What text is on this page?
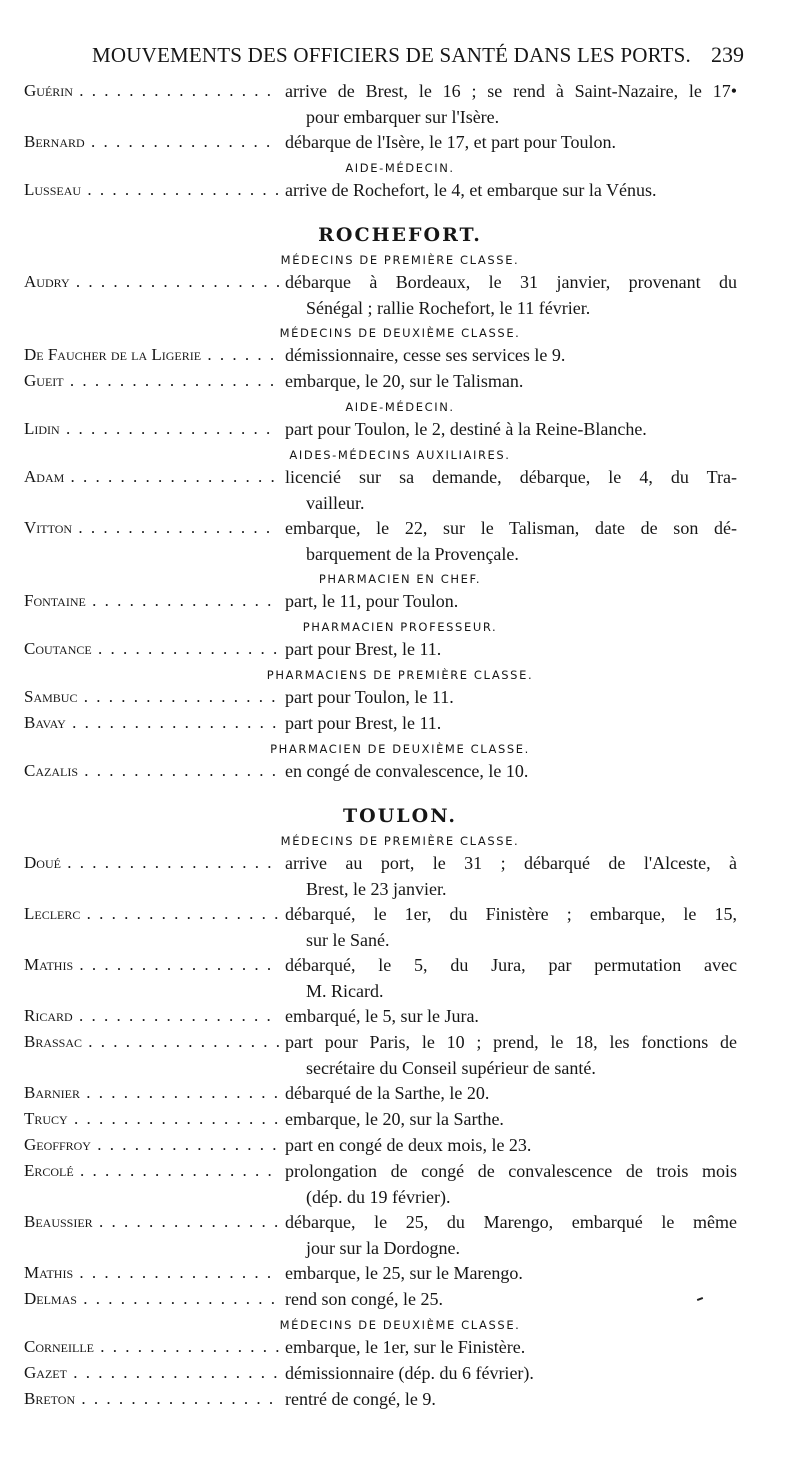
MOUVEMENTS DES OFFICIERS DE SANTÉ DANS LES PORTS. 239
Guérin . . .	arrive de Brest, le 16 ; se rend à Saint-Nazaire, le 17•
pour embarquer sur l'Isère.
Bernard . . .	débarque de l'Isère, le 17, et part pour Toulon.
AIDE-MÉDECIN.
Lusseau . . .	arrive de Rochefort, le 4, et embarque sur la Vénus.
ROCHEFORT.
MÉDECINS DE PREMIÈRE CLASSE.
Audry . . .	débarque à Bordeaux, le 31 janvier, provenant du
Sénégal ; rallie Rochefort, le 11 février.
MÉDECINS DE DEUXIÈME CLASSE.
De Faucher de la Ligerie . . .	démissionnaire, cesse ses services le 9.
Gueit . . .	embarque, le 20, sur le Talisman.
AIDE-MÉDECIN.
Lidin . . .	part pour Toulon, le 2, destiné à la Reine-Blanche.
AIDES-MÉDECINS AUXILIAIRES.
Adam . . .	licencié sur sa demande, débarque, le 4, du Tra-
vailleur.
Vitton . . .	embarque, le 22, sur le Talisman, date de son dé-
barquement de la Provençale.
PHARMACIEN EN CHEF.
Fontaine . . .	part, le 11, pour Toulon.
PHARMACIEN PROFESSEUR.
Coutance . . .	part pour Brest, le 11.
PHARMACIENS DE PREMIÈRE CLASSE.
Sambuc . . .	part pour Toulon, le 11.
Bavay . . .	part pour Brest, le 11.
PHARMACIEN DE DEUXIÈME CLASSE.
Cazalis . . .	en congé de convalescence, le 10.
TOULON.
MÉDECINS DE PREMIÈRE CLASSE.
Doué . . .	arrive au port, le 31 ; débarqué de l'Alceste, à
Brest, le 23 janvier.
Leclerc . . .	débarqué, le 1er, du Finistère ; embarque, le 15,
sur le Sané.
Mathis . . .	débarqué, le 5, du Jura, par permutation avec
M. Ricard.
Ricard . . .	embarqué, le 5, sur le Jura.
Brassac . . .	part pour Paris, le 10 ; prend, le 18, les fonctions de
secrétaire du Conseil supérieur de santé.
Barnier . . .	débarqué de la Sarthe, le 20.
Trucy . . .	embarque, le 20, sur la Sarthe.
Geoffroy . . .	part en congé de deux mois, le 23.
Ercolé . . .	prolongation de congé de convalescence de trois mois
(dép. du 19 février).
Beaussier . . .	débarque, le 25, du Marengo, embarqué le même
jour sur la Dordogne.
Mathis . . .	embarque, le 25, sur le Marengo.
Delmas . . .	rend son congé, le 25.
MÉDECINS DE DEUXIÈME CLASSE.
Corneille . . .	embarque, le 1er, sur le Finistère.
Gazet . . .	démissionnaire (dép. du 6 février).
Breton . . .	rentré de congé, le 9.
